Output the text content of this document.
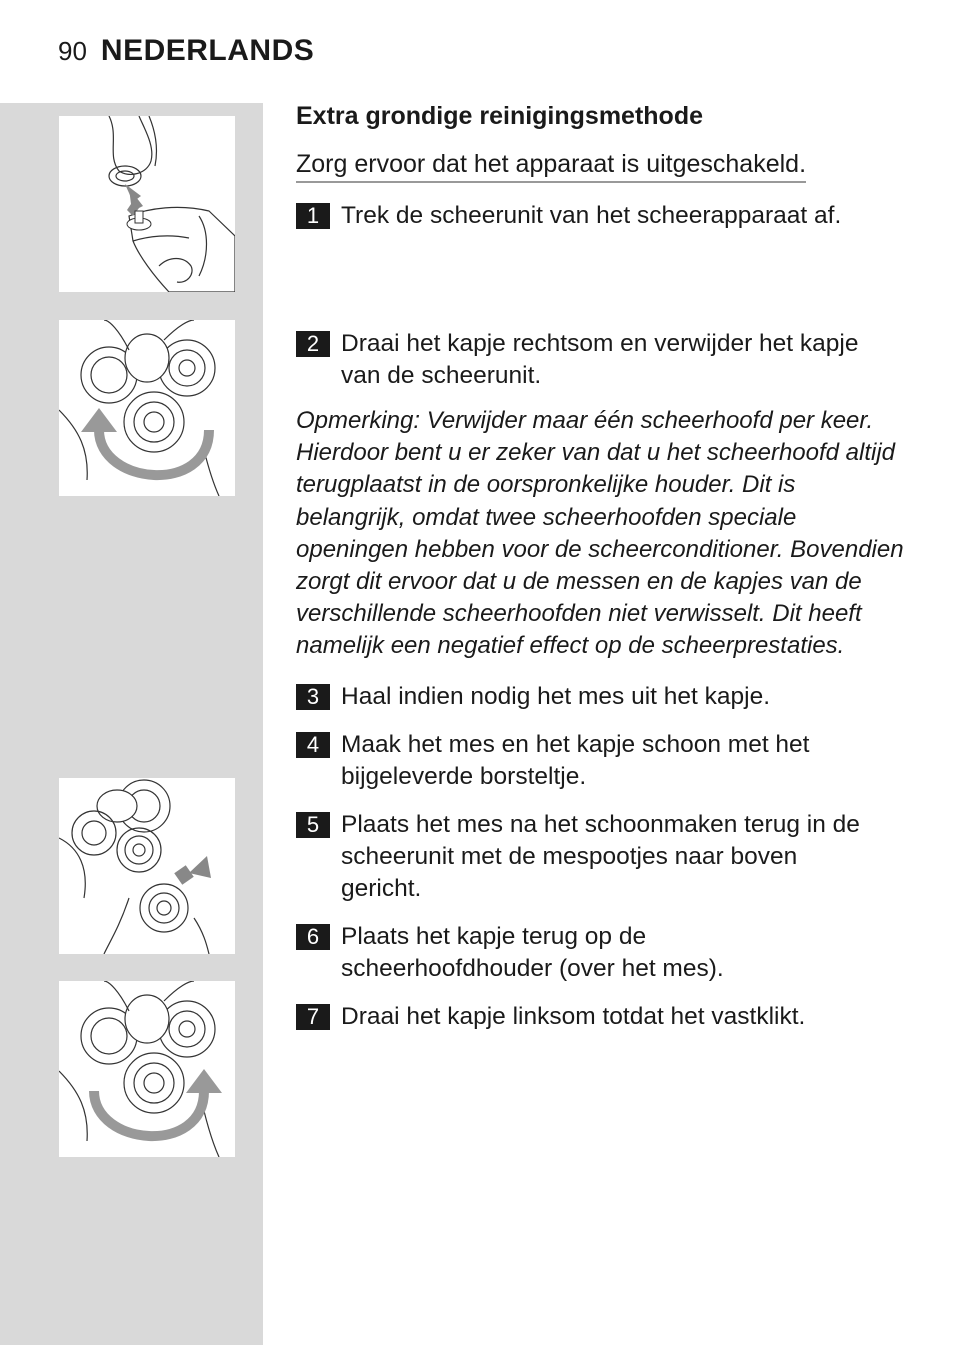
90 NEDERLANDS
Extra grondige reinigingsmethode
Zorg ervoor dat het apparaat is uitgeschakeld.
1 Trek de scheerunit van het scheerapparaat af.
2 Draai het kapje rechtsom en verwijder het kapje van de scheerunit.
Opmerking: Verwijder maar één scheerhoofd per keer. Hierdoor bent u er zeker van dat u het scheerhoofd altijd terugplaatst in de oorspronkelijke houder. Dit is belangrijk, omdat twee scheerhoofden speciale openingen hebben voor de scheerconditioner. Bovendien zorgt dit ervoor dat u de messen en de kapjes van de verschillende scheerhoofden niet verwisselt. Dit heeft namelijk een negatief effect op de scheerprestaties.
3 Haal indien nodig het mes uit het kapje.
4 Maak het mes en het kapje schoon met het bijgeleverde borsteltje.
5 Plaats het mes na het schoonmaken terug in de scheerunit met de mespootjes naar boven gericht.
6 Plaats het kapje terug op de scheerhoofdhouder (over het mes).
7 Draai het kapje linksom totdat het vastklikt.
